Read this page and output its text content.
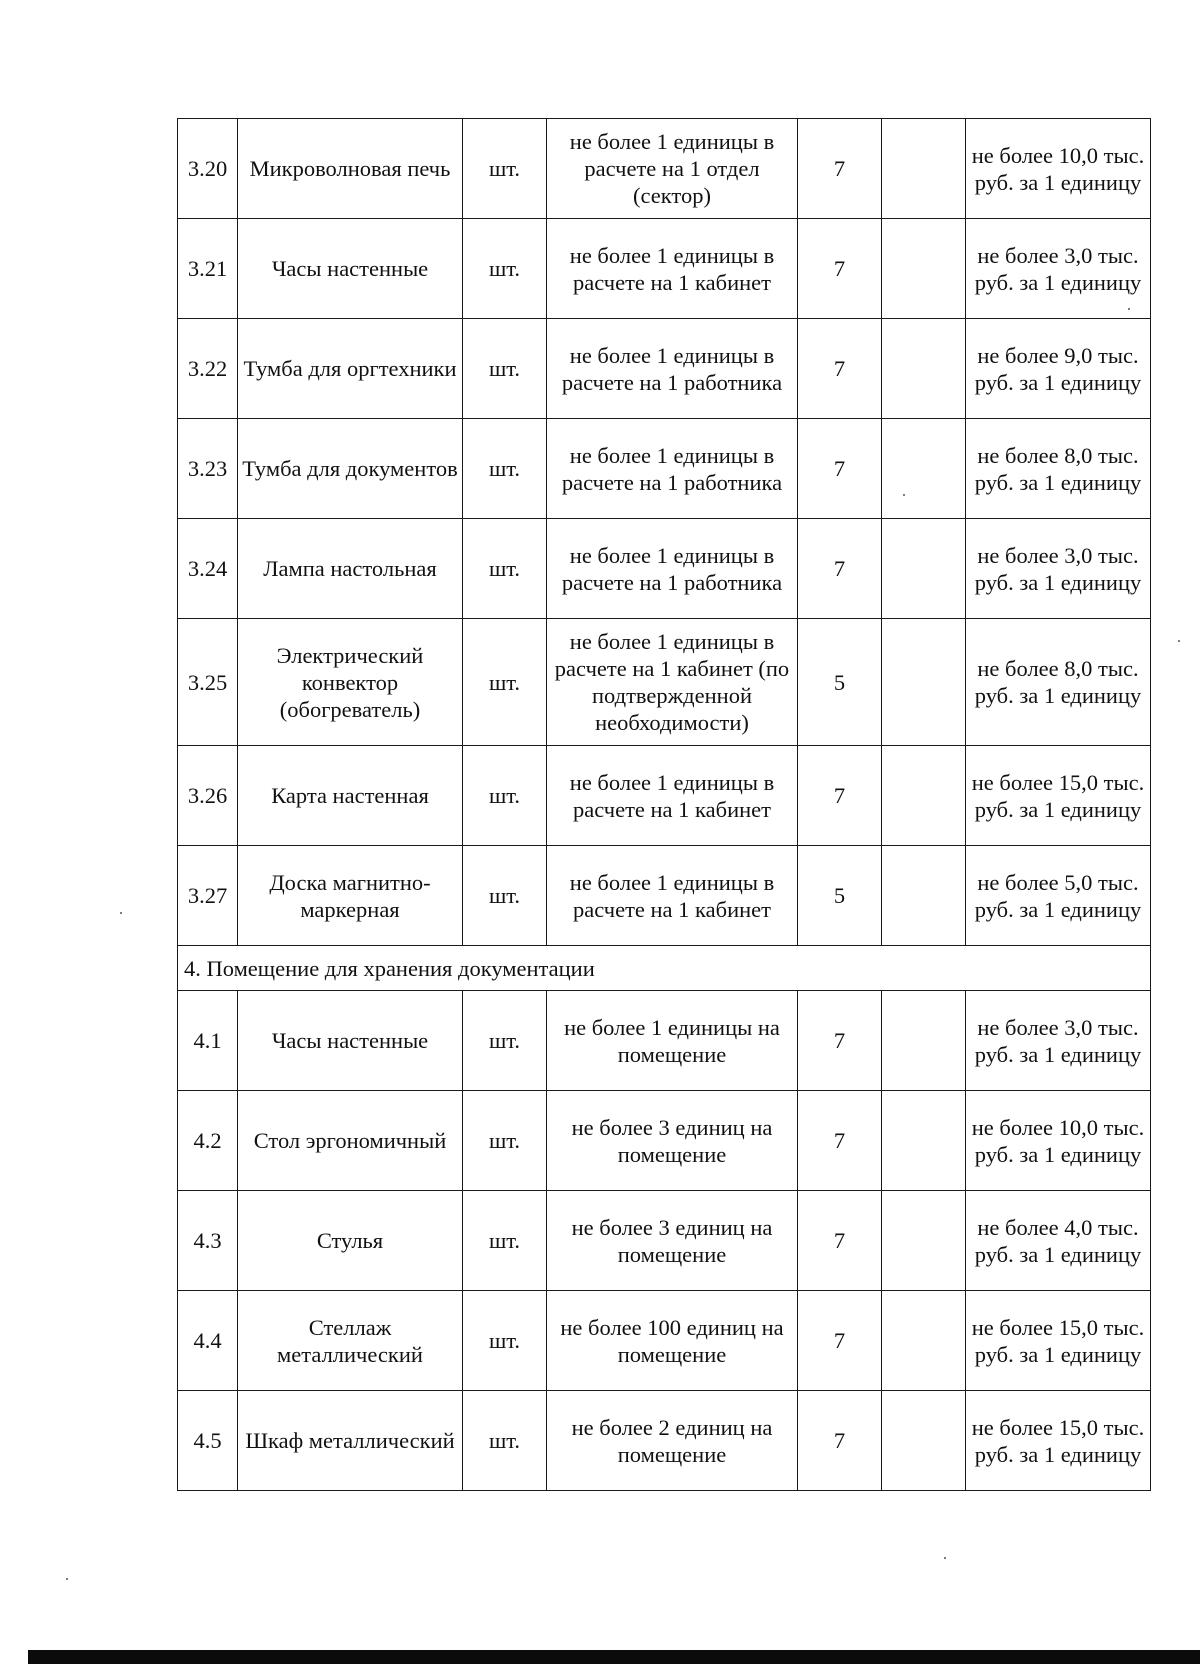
3.20	Микроволновая печь	шт.	не более 1 единицы в расчете на 1 отдел (сектор)	7		не более 10,0 тыс. руб. за 1 единицу
3.21	Часы настенные	шт.	не более 1 единицы в расчете на 1 кабинет	7		не более 3,0 тыс. руб. за 1 единицу
3.22	Тумба для оргтехники	шт.	не более 1 единицы в расчете на 1 работника	7		не более 9,0 тыс. руб. за 1 единицу
3.23	Тумба для документов	шт.	не более 1 единицы в расчете на 1 работника	7		не более 8,0 тыс. руб. за 1 единицу
3.24	Лампа настольная	шт.	не более 1 единицы в расчете на 1 работника	7		не более 3,0 тыс. руб. за 1 единицу
3.25	Электрический конвектор (обогреватель)	шт.	не более 1 единицы в расчете на 1 кабинет (по подтвержденной необходимости)	5		не более 8,0 тыс. руб. за 1 единицу
3.26	Карта настенная	шт.	не более 1 единицы в расчете на 1 кабинет	7		не более 15,0 тыс. руб. за 1 единицу
3.27	Доска магнитно-маркерная	шт.	не более 1 единицы в расчете на 1 кабинет	5		не более 5,0 тыс. руб. за 1 единицу
4. Помещение для хранения документации						
4.1	Часы настенные	шт.	не более 1 единицы на помещение	7		не более 3,0 тыс. руб. за 1 единицу
4.2	Стол эргономичный	шт.	не более 3 единиц на помещение	7		не более 10,0 тыс. руб. за 1 единицу
4.3	Стулья	шт.	не более 3 единиц на помещение	7		не более 4,0 тыс. руб. за 1 единицу
4.4	Стеллаж металлический	шт.	не более 100 единиц на помещение	7		не более 15,0 тыс. руб. за 1 единицу
4.5	Шкаф металлический	шт.	не более 2 единиц на помещение	7		не более 15,0 тыс. руб. за 1 единицу
